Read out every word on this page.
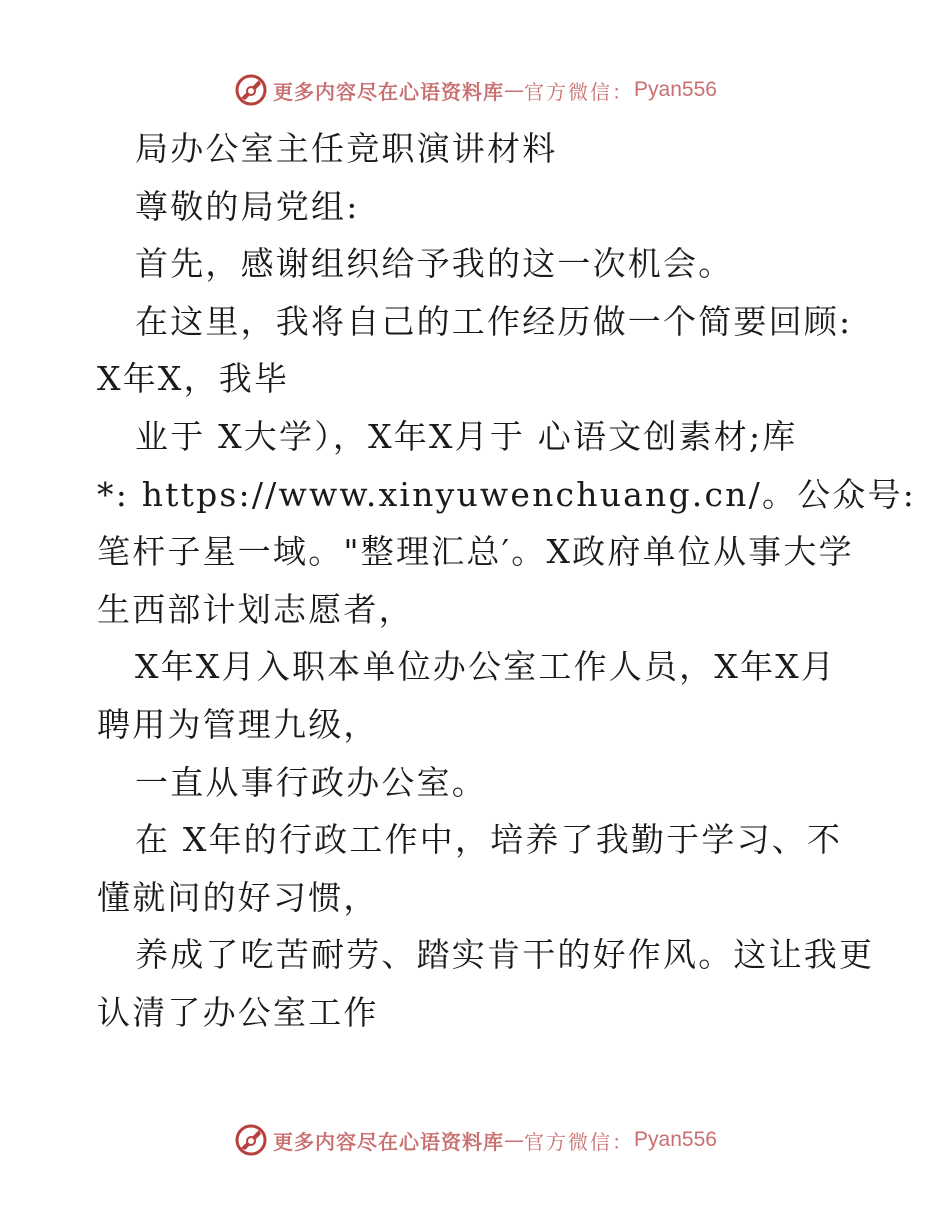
更多内容尽在心语资料库 — 官方微信： Pyan556
局办公室主任竞职演讲材料
尊敬的局党组:
首先，感谢组织给予我的这一次机会。
在这里，我将自己的工作经历做一个简要回顾:
X年X，我毕
业于 X大学），X年X月于 心语文创素材;库
*: https://www.xinyuwenchuang.cn/。公众号:
笔杆子星一域。"整理汇总′。X政府单位从事大学
生西部计划志愿者，
X年X月入职本单位办公室工作人员，X年X月
聘用为管理九级，
一直从事行政办公室。
在 X年的行政工作中，培养了我勤于学习、不
懂就问的好习惯，
养成了吃苦耐劳、踏实肯干的好作风。这让我更
认清了办公室工作
更多内容尽在心语资料库 — 官方微信： Pyan556
